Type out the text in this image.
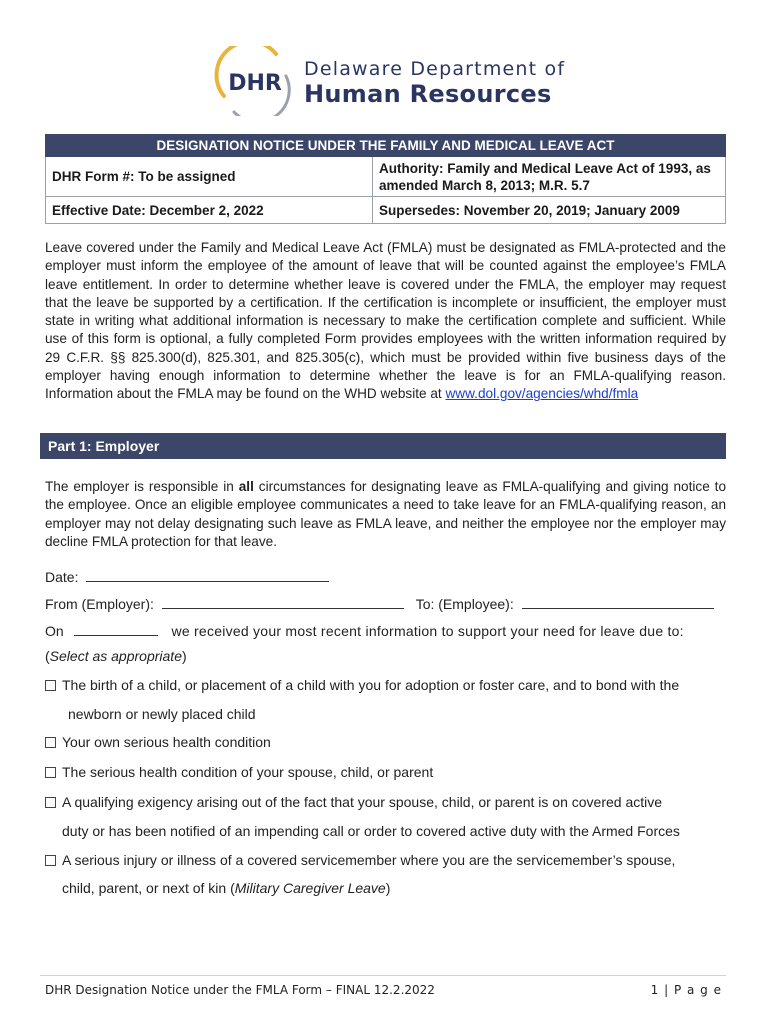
DHR
Delaware Department of
Human Resources
DESIGNATION NOTICE UNDER THE FAMILY AND MEDICAL LEAVE ACT	
DHR Form #: To be assigned	Authority: Family and Medical Leave Act of 1993, as amended March 8, 2013; M.R. 5.7
Effective Date: December 2, 2022	Supersedes: November 20, 2019; January 2009
Leave covered under the Family and Medical Leave Act (FMLA) must be designated as FMLA-protected and the employer must inform the employee of the amount of leave that will be counted against the employee’s FMLA leave entitlement. In order to determine whether leave is covered under the FMLA, the employer may request that the leave be supported by a certification. If the certification is incomplete or insufficient, the employer must state in writing what additional information is necessary to make the certification complete and sufficient. While use of this form is optional, a fully completed Form provides employees with the written information required by 29 C.F.R. §§ 825.300(d), 825.301, and 825.305(c), which must be provided within five business days of the employer having enough information to determine whether the leave is for an FMLA-qualifying reason. Information about the FMLA may be found on the WHD website at www.dol.gov/agencies/whd/fmla
Part 1: Employer
The employer is responsible in all circumstances for designating leave as FMLA-qualifying and giving notice to the employee. Once an eligible employee communicates a need to take leave for an FMLA-qualifying reason, an employer may not delay designating such leave as FMLA leave, and neither the employee nor the employer may decline FMLA protection for that leave.
Date:
From (Employer):	To: (Employee):
On	we received your most recent information to support your need for leave due to:
(Select as appropriate)
The birth of a child, or placement of a child with you for adoption or foster care, and to bond with the
newborn or newly placed child
Your own serious health condition
The serious health condition of your spouse, child, or parent
A qualifying exigency arising out of the fact that your spouse, child, or parent is on covered active
duty or has been notified of an impending call or order to covered active duty with the Armed Forces
A serious injury or illness of a covered servicemember where you are the servicemember’s spouse,
child, parent, or next of kin (Military Caregiver Leave)
DHR Designation Notice under the FMLA Form – FINAL 12.2.2022	1 | P a g e
